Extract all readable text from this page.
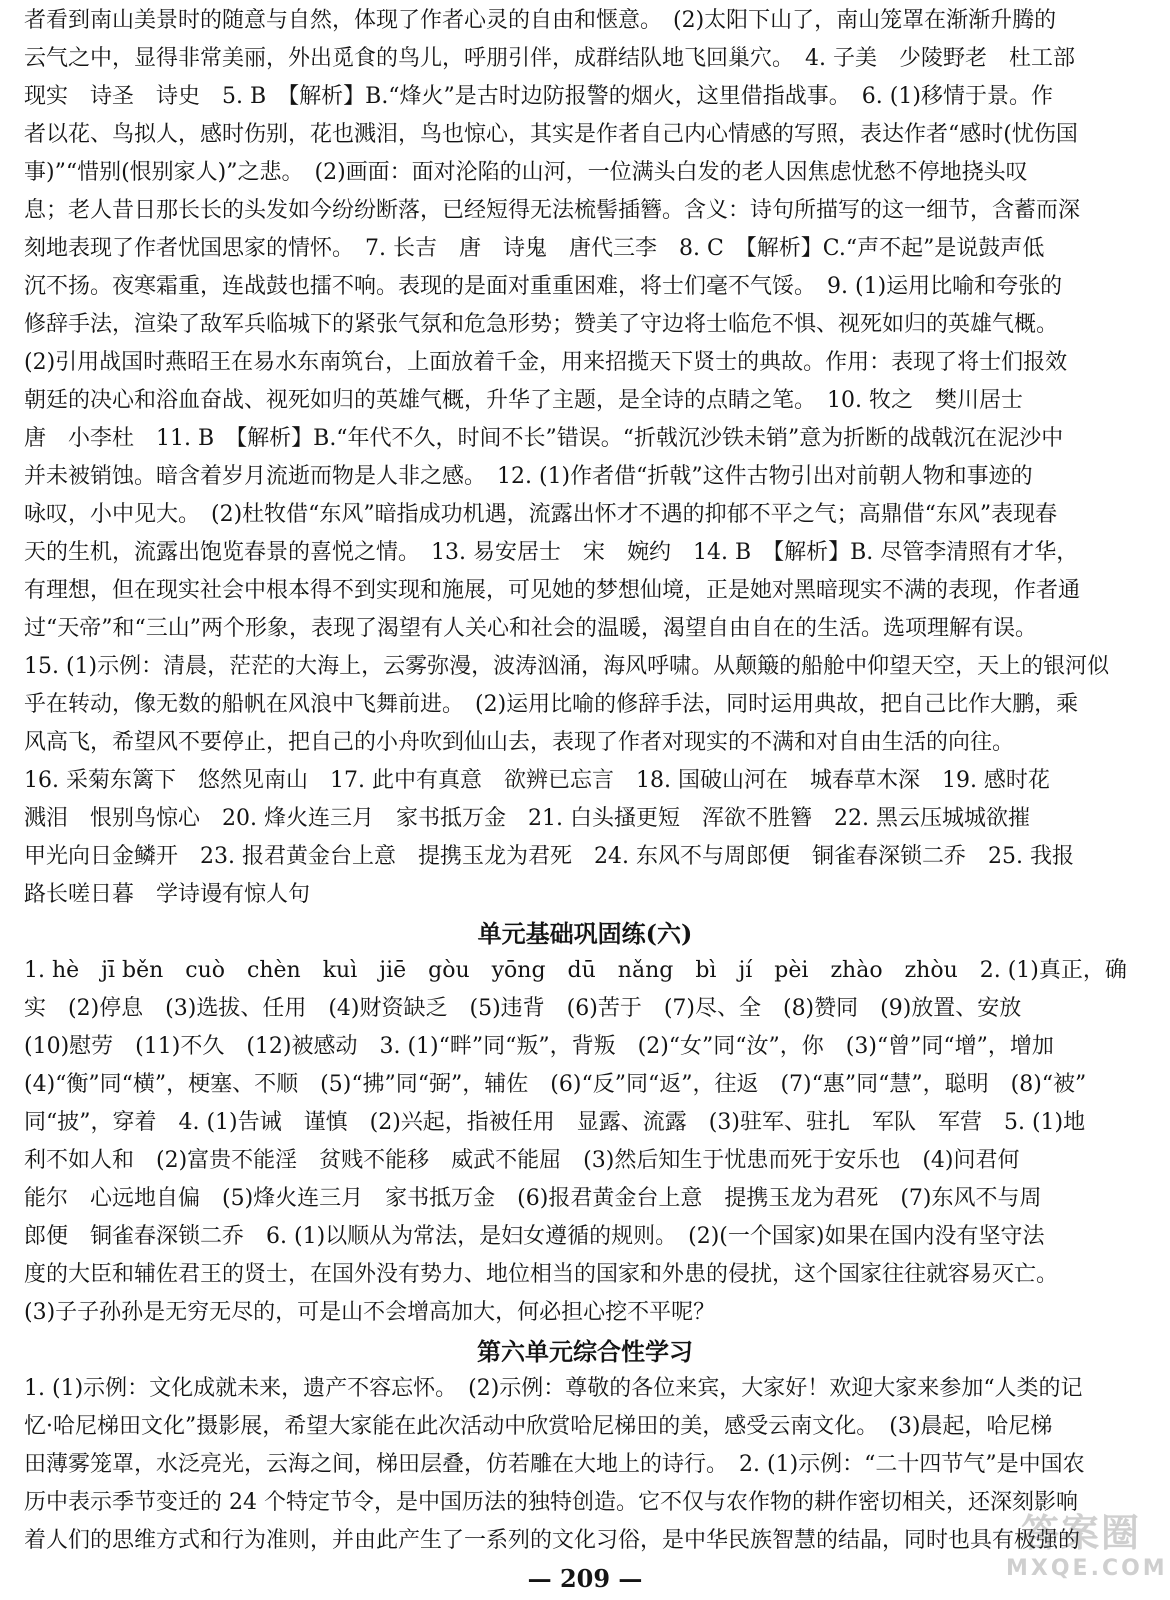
者看到南山美景时的随意与自然，体现了作者心灵的自由和惬意。　(2)太阳下山了，南山笼罩在渐渐升腾的
云气之中，显得非常美丽，外出觅食的鸟儿，呼朋引伴，成群结队地飞回巢穴。　4. 子美　少陵野老　杜工部
现实　诗圣　诗史　5. B　【解析】B.“烽火”是古时边防报警的烟火，这里借指战事。　6. (1)移情于景。作
者以花、鸟拟人，感时伤别，花也溅泪，鸟也惊心，其实是作者自己内心情感的写照，表达作者“感时(忧伤国
事)”“惜别(恨别家人)”之悲。　(2)画面：面对沦陷的山河，一位满头白发的老人因焦虑忧愁不停地挠头叹
息；老人昔日那长长的头发如今纷纷断落，已经短得无法梳髻插簪。含义：诗句所描写的这一细节，含蓄而深
刻地表现了作者忧国思家的情怀。　7. 长吉　唐　诗鬼　唐代三李　8. C　【解析】C.“声不起”是说鼓声低
沉不扬。夜寒霜重，连战鼓也擂不响。表现的是面对重重困难，将士们毫不气馁。　9. (1)运用比喻和夸张的
修辞手法，渲染了敌军兵临城下的紧张气氛和危急形势；赞美了守边将士临危不惧、视死如归的英雄气概。
(2)引用战国时燕昭王在易水东南筑台，上面放着千金，用来招揽天下贤士的典故。作用：表现了将士们报效
朝廷的决心和浴血奋战、视死如归的英雄气概，升华了主题，是全诗的点睛之笔。　10. 牧之　樊川居士
唐　小李杜　11. B　【解析】B.“年代不久，时间不长”错误。“折戟沉沙铁未销”意为折断的战戟沉在泥沙中
并未被销蚀。暗含着岁月流逝而物是人非之感。　12. (1)作者借“折戟”这件古物引出对前朝人物和事迹的
咏叹，小中见大。　(2)杜牧借“东风”暗指成功机遇，流露出怀才不遇的抑郁不平之气；高鼎借“东风”表现春
天的生机，流露出饱览春景的喜悦之情。　13. 易安居士　宋　婉约　14. B　【解析】B. 尽管李清照有才华，
有理想，但在现实社会中根本得不到实现和施展，可见她的梦想仙境，正是她对黑暗现实不满的表现，作者通
过“天帝”和“三山”两个形象，表现了渴望有人关心和社会的温暖，渴望自由自在的生活。选项理解有误。
15. (1)示例：清晨，茫茫的大海上，云雾弥漫，波涛汹涌，海风呼啸。从颠簸的船舱中仰望天空，天上的银河似
乎在转动，像无数的船帆在风浪中飞舞前进。　(2)运用比喻的修辞手法，同时运用典故，把自己比作大鹏，乘
风高飞，希望风不要停止，把自己的小舟吹到仙山去，表现了作者对现实的不满和对自由生活的向往。
16. 采菊东篱下　悠然见南山　17. 此中有真意　欲辨已忘言　18. 国破山河在　城春草木深　19. 感时花
溅泪　恨别鸟惊心　20. 烽火连三月　家书抵万金　21. 白头搔更短　浑欲不胜簪　22. 黑云压城城欲摧
甲光向日金鳞开　23. 报君黄金台上意　提携玉龙为君死　24. 东风不与周郎便　铜雀春深锁二乔　25. 我报
路长嗟日暮　学诗谩有惊人句
单元基础巩固练(六)
1. hè　jī běn　cuò　chèn　kuì　jiē　gòu　yōng　dū　nǎng　bì　jí　pèi　zhào　zhòu　2. (1)真正，确
实　(2)停息　(3)选拔、任用　(4)财资缺乏　(5)违背　(6)苦于　(7)尽、全　(8)赞同　(9)放置、安放
(10)慰劳　(11)不久　(12)被感动　3. (1)“畔”同“叛”，背叛　(2)“女”同“汝”，你　(3)“曾”同“增”，增加
(4)“衡”同“横”，梗塞、不顺　(5)“拂”同“弼”，辅佐　(6)“反”同“返”，往返　(7)“惠”同“慧”，聪明　(8)“被”
同“披”，穿着　4. (1)告诫　谨慎　(2)兴起，指被任用　显露、流露　(3)驻军、驻扎　军队　军营　5. (1)地
利不如人和　(2)富贵不能淫　贫贱不能移　威武不能屈　(3)然后知生于忧患而死于安乐也　(4)问君何
能尔　心远地自偏　(5)烽火连三月　家书抵万金　(6)报君黄金台上意　提携玉龙为君死　(7)东风不与周
郎便　铜雀春深锁二乔　6. (1)以顺从为常法，是妇女遵循的规则。　(2)(一个国家)如果在国内没有坚守法
度的大臣和辅佐君王的贤士，在国外没有势力、地位相当的国家和外患的侵扰，这个国家往往就容易灭亡。
(3)子子孙孙是无穷无尽的，可是山不会增高加大，何必担心挖不平呢？
第六单元综合性学习
1. (1)示例：文化成就未来，遗产不容忘怀。　(2)示例：尊敬的各位来宾，大家好！欢迎大家来参加“人类的记
忆·哈尼梯田文化”摄影展，希望大家能在此次活动中欣赏哈尼梯田的美，感受云南文化。　(3)晨起，哈尼梯
田薄雾笼罩，水泛亮光，云海之间，梯田层叠，仿若雕在大地上的诗行。　2. (1)示例：“二十四节气”是中国农
历中表示季节变迁的 24 个特定节令，是中国历法的独特创造。它不仅与农作物的耕作密切相关，还深刻影响
着人们的思维方式和行为准则，并由此产生了一系列的文化习俗，是中华民族智慧的结晶，同时也具有极强的
— 209 —
答案圈
MXQE.COM
